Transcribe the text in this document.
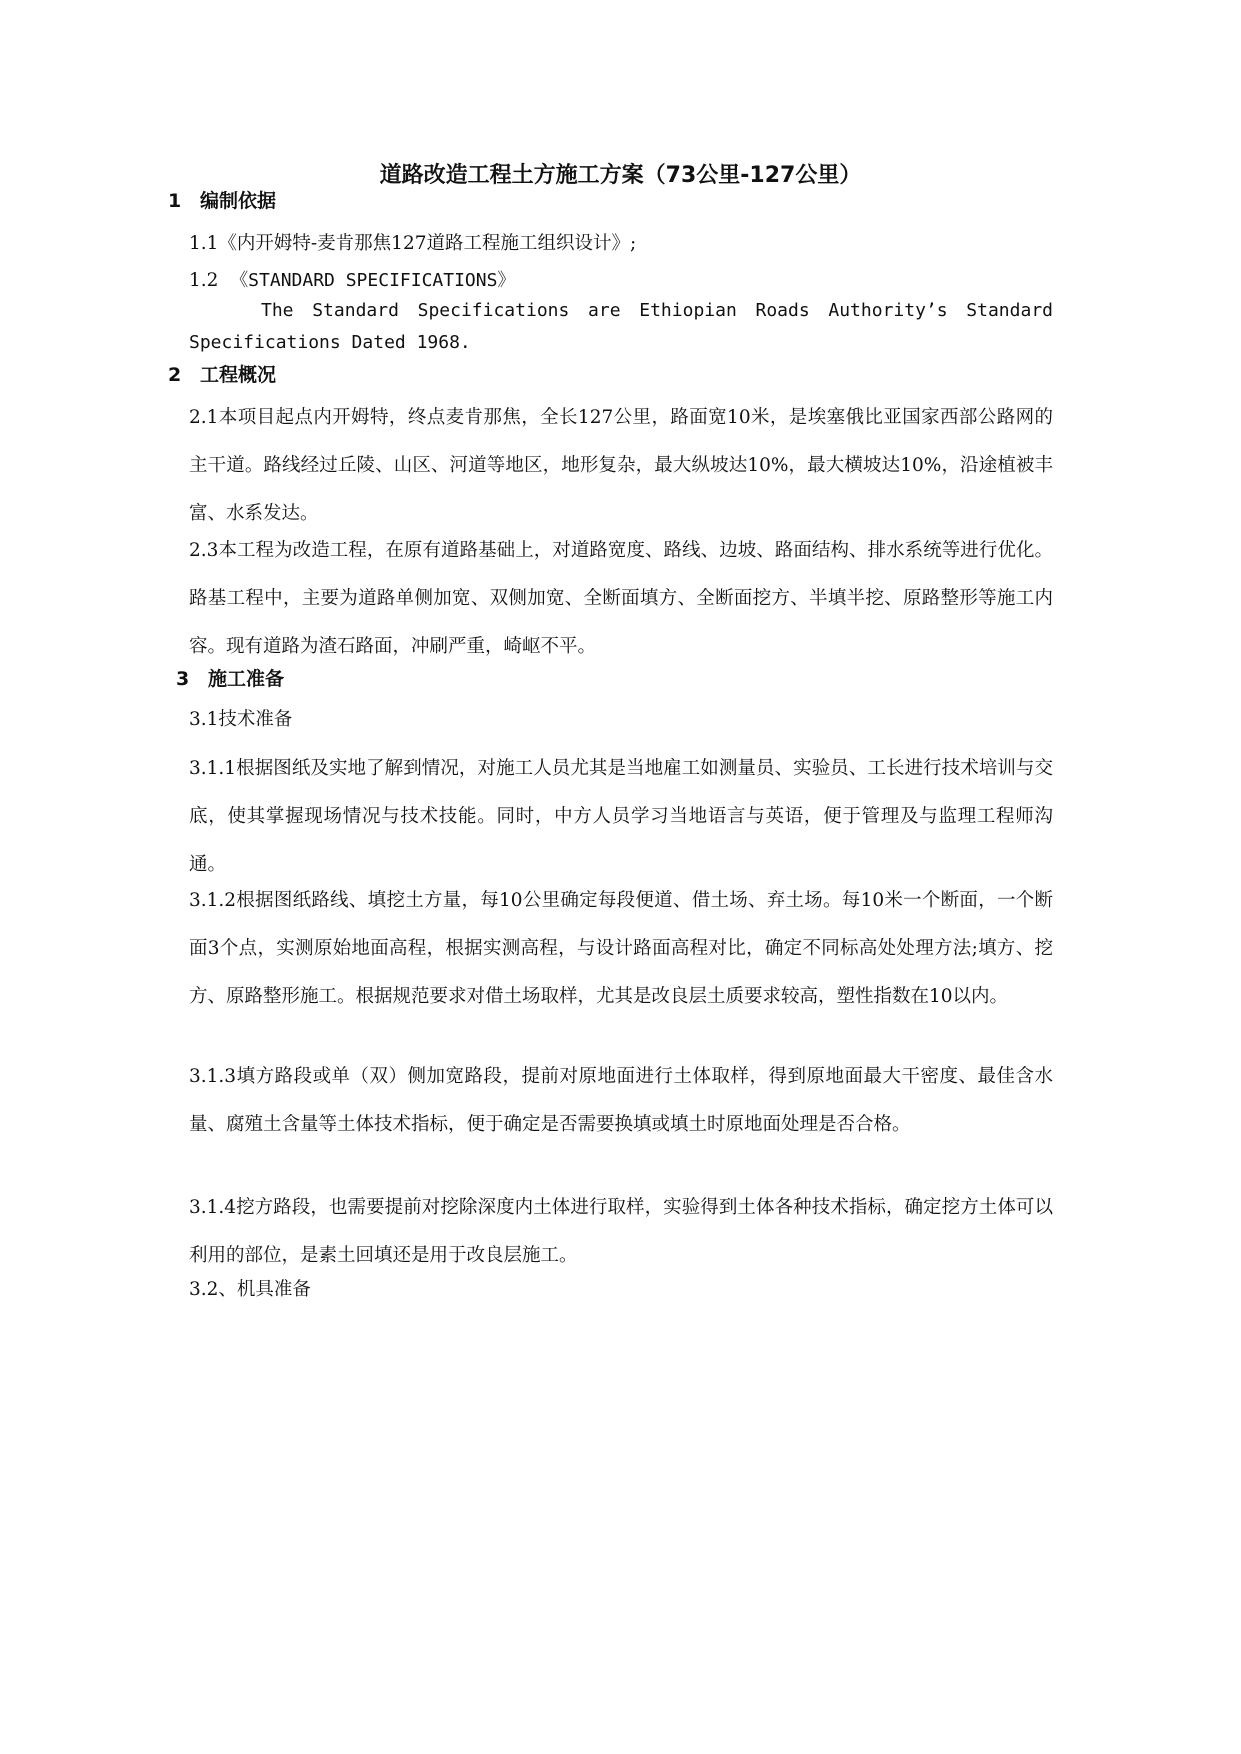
道路改造工程土方施工方案（73公里-127公里）
1 编制依据
1.1《内开姆特-麦肯那焦127道路工程施工组织设计》;
1.2 《STANDARD SPECIFICATIONS》
The Standard Specifications are Ethiopian Roads Authority’s Standard Specifications Dated 1968.
2 工程概况
2.1本项目起点内开姆特，终点麦肯那焦，全长127公里，路面宽10米，是埃塞俄比亚国家西部公路网的主干道。路线经过丘陵、山区、河道等地区，地形复杂，最大纵坡达10%，最大横坡达10%，沿途植被丰富、水系发达。
2.3本工程为改造工程，在原有道路基础上，对道路宽度、路线、边坡、路面结构、排水系统等进行优化。路基工程中，主要为道路单侧加宽、双侧加宽、全断面填方、全断面挖方、半填半挖、原路整形等施工内容。现有道路为渣石路面，冲刷严重，崎岖不平。
3 施工准备
3.1技术准备
3.1.1根据图纸及实地了解到情况，对施工人员尤其是当地雇工如测量员、实验员、工长进行技术培训与交底，使其掌握现场情况与技术技能。同时，中方人员学习当地语言与英语，便于管理及与监理工程师沟通。
3.1.2根据图纸路线、填挖土方量，每10公里确定每段便道、借土场、弃土场。每10米一个断面，一个断面3个点，实测原始地面高程，根据实测高程，与设计路面高程对比，确定不同标高处处理方法;填方、挖方、原路整形施工。根据规范要求对借土场取样，尤其是改良层土质要求较高，塑性指数在10以内。
3.1.3填方路段或单（双）侧加宽路段，提前对原地面进行土体取样，得到原地面最大干密度、最佳含水量、腐殖土含量等土体技术指标，便于确定是否需要换填或填土时原地面处理是否合格。
3.1.4挖方路段，也需要提前对挖除深度内土体进行取样，实验得到土体各种技术指标，确定挖方土体可以利用的部位，是素土回填还是用于改良层施工。
3.2、机具准备
